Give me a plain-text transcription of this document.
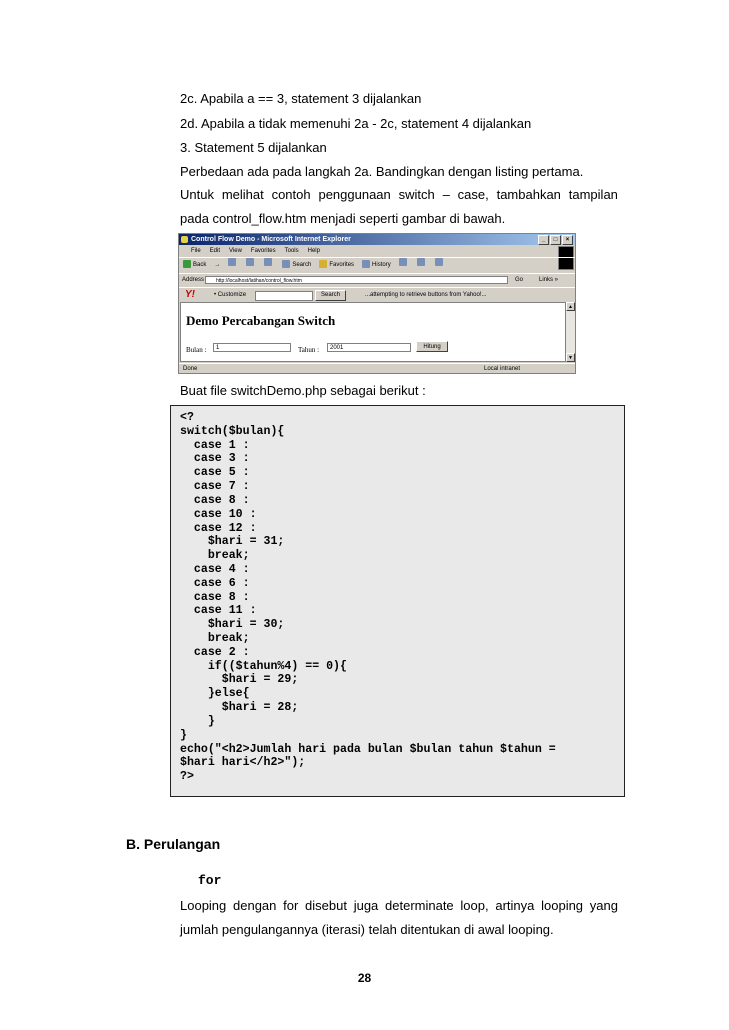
2c. Apabila a == 3, statement 3 dijalankan
2d. Apabila a tidak memenuhi 2a - 2c, statement 4 dijalankan
3. Statement 5 dijalankan
Perbedaan ada pada langkah 2a. Bandingkan dengan listing pertama.
Untuk melihat contoh penggunaan switch – case, tambahkan tampilan
pada control_flow.htm menjadi seperti gambar di bawah.
Control Flow Demo - Microsoft Internet Explorer	_	□	×
File Edit View Favorites Tools Help
Back →	Search	Favorites	History
Address	http://localhost/latihan/control_flow.htm	Go	Links »
Y!	• Customize	Search	...attempting to retrieve buttons from Yahoo!...
Demo Percabangan Switch
Bulan :	1	Tahun :	2001	Hitung
▲
▼
Done	Local intranet
Buat file switchDemo.php sebagai berikut :
<?
switch($bulan){
case 1 :
case 3 :
case 5 :
case 7 :
case 8 :
case 10 :
case 12 :
$hari = 31;
break;
case 4 :
case 6 :
case 8 :
case 11 :
$hari = 30;
break;
case 2 :
if(($tahun%4) == 0){
$hari = 29;
}else{
$hari = 28;
}
}
echo("<h2>Jumlah hari pada bulan $bulan tahun $tahun =
$hari hari</h2>");
?>
B. Perulangan
for
Looping dengan for disebut juga determinate loop, artinya looping yang
jumlah pengulangannya (iterasi) telah ditentukan di awal looping.
28
